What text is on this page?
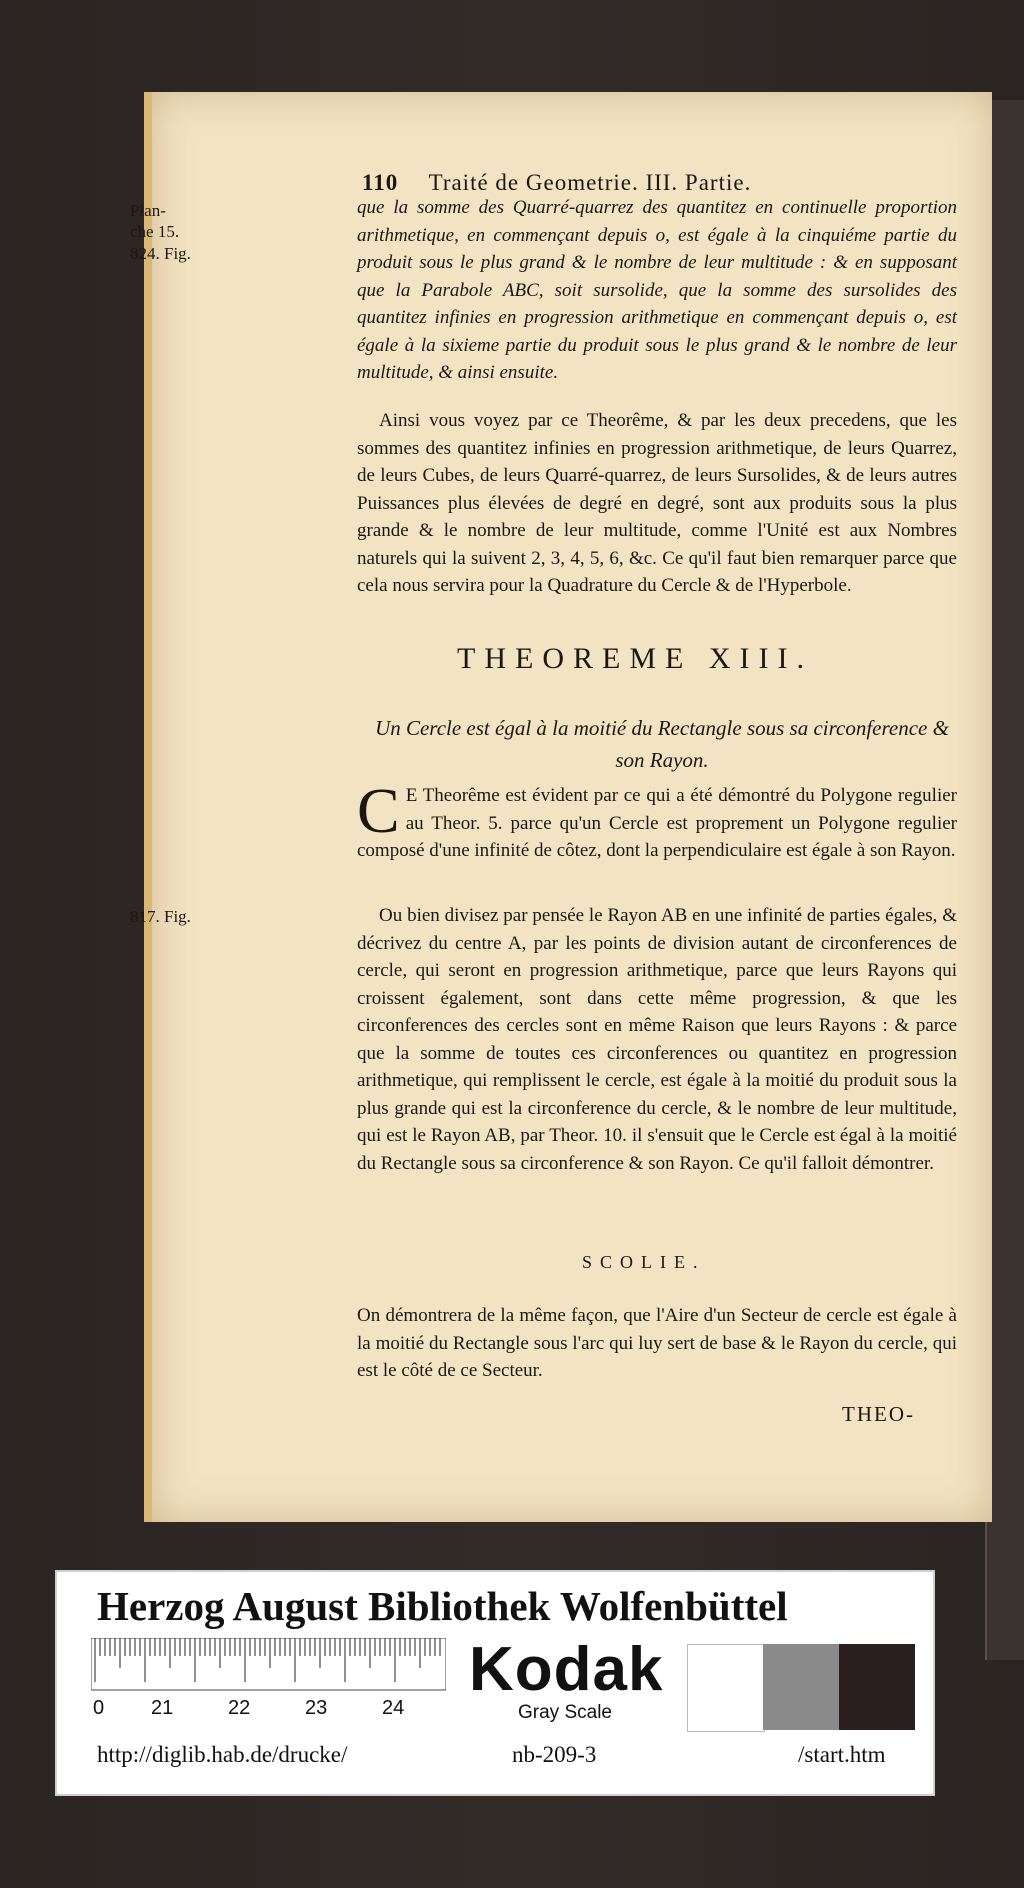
110 Traité de Geometrie. III. Partie.
Plan-
che 15.
824. Fig.
que la somme des Quarré-quarrez des quantitez en continuelle proportion arithmetique, en commençant depuis o, est égale à la cinquiéme partie du produit sous le plus grand & le nombre de leur multitude : & en supposant que la Parabole ABC, soit sursolide, que la somme des sursolides des quantitez infinies en progression arithmetique en commençant depuis o, est égale à la sixieme partie du produit sous le plus grand & le nombre de leur multitude, & ainsi ensuite.
Ainsi vous voyez par ce Theorême, & par les deux precedens, que les sommes des quantitez infinies en progression arithmetique, de leurs Quarrez, de leurs Cubes, de leurs Quarré-quarrez, de leurs Sursolides, & de leurs autres Puissances plus élevées de degré en degré, sont aux produits sous la plus grande & le nombre de leur multitude, comme l'Unité est aux Nombres naturels qui la suivent 2, 3, 4, 5, 6, &c. Ce qu'il faut bien remarquer parce que cela nous servira pour la Quadrature du Cercle & de l'Hyperbole.
THEOREME XIII.
Un Cercle est égal à la moitié du Rectangle sous sa circonference & son Rayon.
C E Theorême est évident par ce qui a été démontré du Polygone regulier au Theor. 5. parce qu'un Cercle est proprement un Polygone regulier composé d'une infinité de côtez, dont la perpendiculaire est égale à son Rayon.
817. Fig.	Ou bien divisez par pensée le Rayon AB en une infinité de parties égales, & décrivez du centre A, par les points de division autant de circonferences de cercle, qui seront en progression arithmetique, parce que leurs Rayons qui croissent également, sont dans cette même progression, & que les circonferences des cercles sont en même Raison que leurs Rayons : & parce que la somme de toutes ces circonferences ou quantitez en progression arithmetique, qui remplissent le cercle, est égale à la moitié du produit sous la plus grande qui est la circonference du cercle, & le nombre de leur multitude, qui est le Rayon AB, par Theor. 10. il s'ensuit que le Cercle est égal à la moitié du Rectangle sous sa circonference & son Rayon. Ce qu'il falloit démontrer.
SCOLIE.
On démontrera de la même façon, que l'Aire d'un Secteur de cercle est égale à la moitié du Rectangle sous l'arc qui luy sert de base & le Rayon du cercle, qui est le côté de ce Secteur.
THEO-
Herzog August Bibliothek Wolfenbüttel
0 21	22	23	24
Kodak
Gray Scale
http://diglib.hab.de/drucke/	nb-209-3	/start.htm
